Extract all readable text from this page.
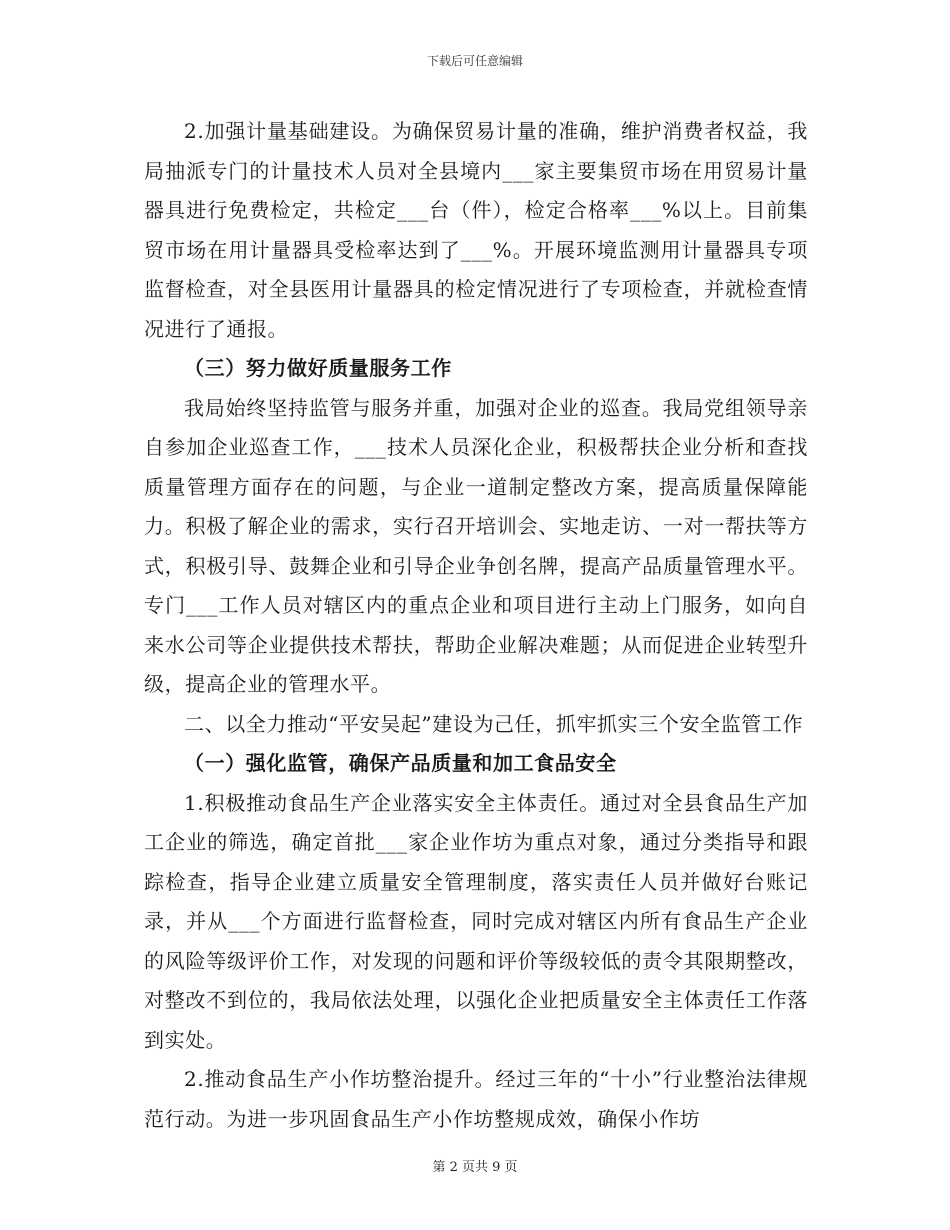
下载后可任意编辑

2.加强计量基础建设。为确保贸易计量的准确，维护消费者权益，我局抽派专门的计量技术人员对全县境内___家主要集贸市场在用贸易计量器具进行免费检定，共检定___台（件），检定合格率___%以上。目前集贸市场在用计量器具受检率达到了___%。开展环境监测用计量器具专项监督检查，对全县医用计量器具的检定情况进行了专项检查，并就检查情况进行了通报。

（三）努力做好质量服务工作

我局始终坚持监管与服务并重，加强对企业的巡查。我局党组领导亲自参加企业巡查工作，___技术人员深化企业，积极帮扶企业分析和查找质量管理方面存在的问题，与企业一道制定整改方案，提高质量保障能力。积极了解企业的需求，实行召开培训会、实地走访、一对一帮扶等方式，积极引导、鼓舞企业和引导企业争创名牌，提高产品质量管理水平。专门___工作人员对辖区内的重点企业和项目进行主动上门服务，如向自来水公司等企业提供技术帮扶，帮助企业解决难题；从而促进企业转型升级，提高企业的管理水平。

二、以全力推动“平安吴起”建设为己任，抓牢抓实三个安全监管工作

（一）强化监管，确保产品质量和加工食品安全

1.积极推动食品生产企业落实安全主体责任。通过对全县食品生产加工企业的筛选，确定首批___家企业作坊为重点对象，通过分类指导和跟踪检查，指导企业建立质量安全管理制度，落实责任人员并做好台账记录，并从___个方面进行监督检查，同时完成对辖区内所有食品生产企业的风险等级评价工作，对发现的问题和评价等级较低的责令其限期整改，对整改不到位的，我局依法处理，以强化企业把质量安全主体责任工作落到实处。

2.推动食品生产小作坊整治提升。经过三年的“十小”行业整治法律规范行动。为进一步巩固食品生产小作坊整规成效，确保小作坊

第 2 页共 9 页
